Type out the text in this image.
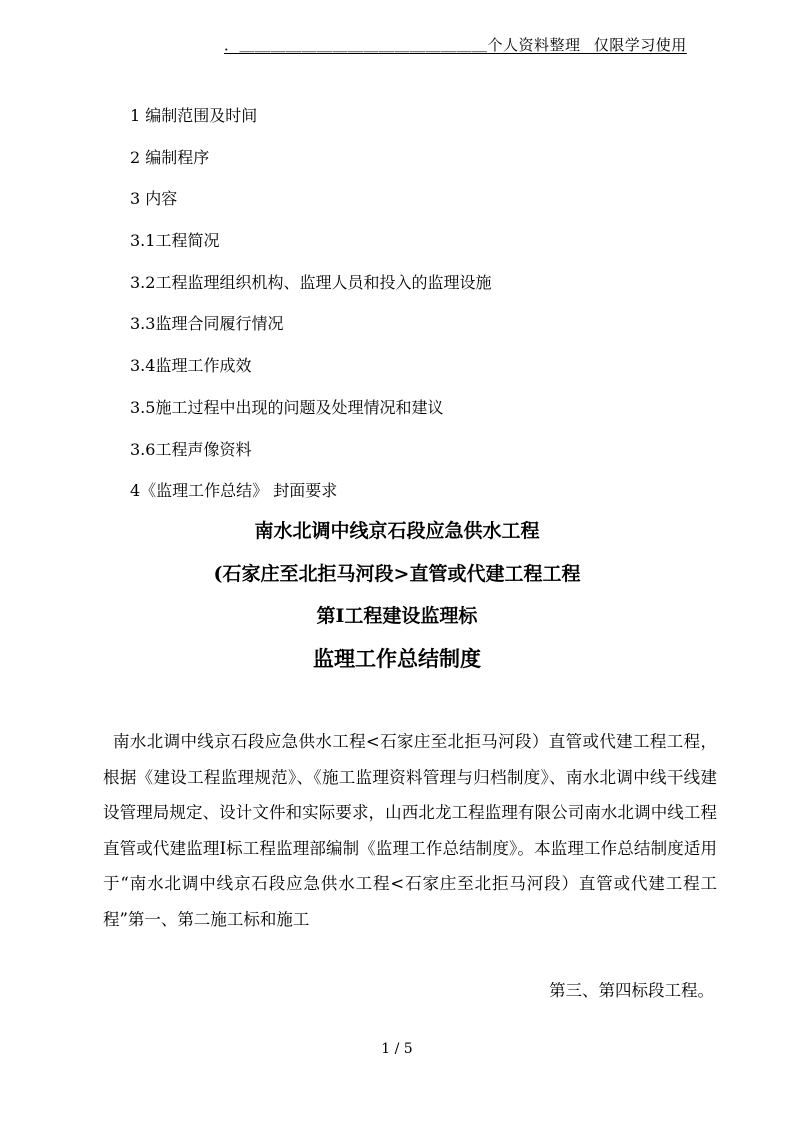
．＿＿＿＿＿＿＿＿＿＿＿＿＿＿＿＿个人资料整理 _仅限学习使用
1 编制范围及时间
2 编制程序
3 内容
3.1工程简况
3.2工程监理组织机构、监理人员和投入的监理设施
3.3监理合同履行情况
3.4监理工作成效
3.5施工过程中出现的问题及处理情况和建议
3.6工程声像资料
4《监理工作总结》 封面要求
南水北调中线京石段应急供水工程
(石家庄至北拒马河段>直管或代建工程工程
第Ⅰ工程建设监理标
监理工作总结制度

南水北调中线京石段应急供水工程<石家庄至北拒马河段）直管或代建工程工程，根据《建设工程监理规范》、《施工监理资料管理与归档制度》、南水北调中线干线建设管理局规定、设计文件和实际要求，山西北龙工程监理有限公司南水北调中线工程直管或代建监理Ⅰ标工程监理部编制《监理工作总结制度》。本监理工作总结制度适用于“南水北调中线京石段应急供水工程<石家庄至北拒马河段）直管或代建工程工程”第一、第二施工标和施工

第三、第四标段工程。
1 / 5
